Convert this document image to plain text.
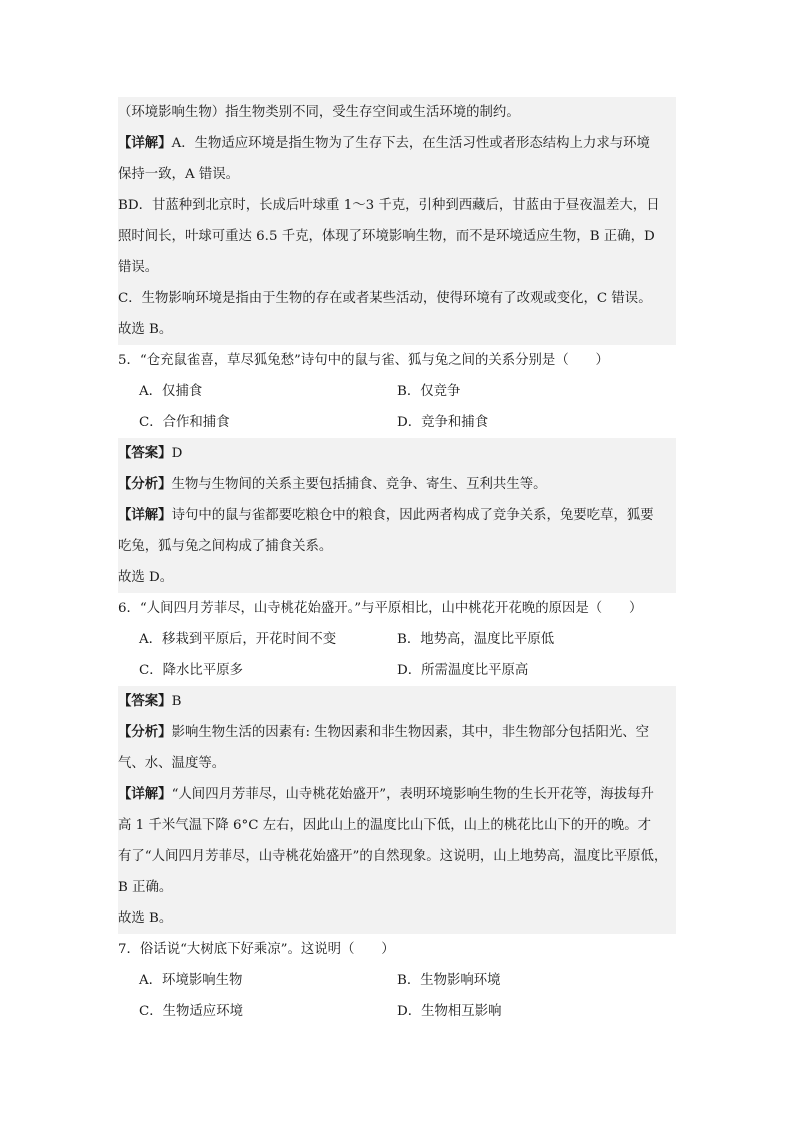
（环境影响生物）指生物类别不同，受生存空间或生活环境的制约。
【详解】A．生物适应环境是指生物为了生存下去，在生活习性或者形态结构上力求与环境
保持一致，A 错误。
BD．甘蓝种到北京时，长成后叶球重 1～3 千克，引种到西藏后，甘蓝由于昼夜温差大，日
照时间长，叶球可重达 6.5 千克，体现了环境影响生物，而不是环境适应生物，B 正确，D
错误。
C．生物影响环境是指由于生物的存在或者某些活动，使得环境有了改观或变化，C 错误。
故选 B。
5．“仓充鼠雀喜，草尽狐兔愁”诗句中的鼠与雀、狐与兔之间的关系分别是（　　）
A．仅捕食	B．仅竞争
C．合作和捕食	D．竞争和捕食
【答案】D
【分析】生物与生物间的关系主要包括捕食、竞争、寄生、互利共生等。
【详解】诗句中的鼠与雀都要吃粮仓中的粮食，因此两者构成了竞争关系，兔要吃草，狐要
吃兔，狐与兔之间构成了捕食关系。
故选 D。
6．“人间四月芳菲尽，山寺桃花始盛开。”与平原相比，山中桃花开花晚的原因是（　　）
A．移栽到平原后，开花时间不变	B．地势高，温度比平原低
C．降水比平原多	D．所需温度比平原高
【答案】B
【分析】影响生物生活的因素有: 生物因素和非生物因素，其中，非生物部分包括阳光、空
气、水、温度等。
【详解】“人间四月芳菲尽，山寺桃花始盛开”，表明环境影响生物的生长开花等，海拔每升
高 1 千米气温下降 6°C 左右，因此山上的温度比山下低，山上的桃花比山下的开的晚。才
有了“人间四月芳菲尽，山寺桃花始盛开”的自然现象。这说明，山上地势高，温度比平原低，
B 正确。
故选 B。
7．俗话说“大树底下好乘凉”。这说明（　　）
A．环境影响生物	B．生物影响环境
C．生物适应环境	D．生物相互影响
